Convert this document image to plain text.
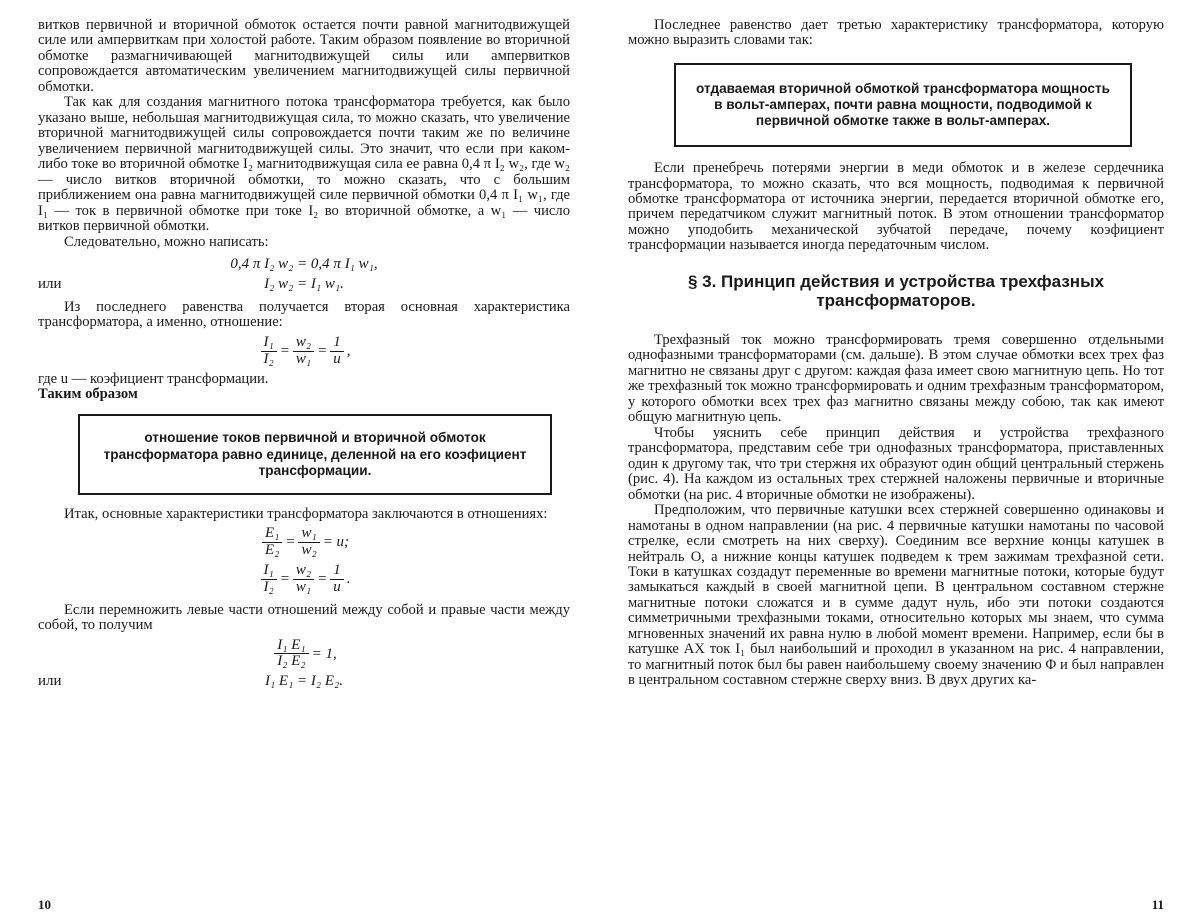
витков первичной и вторичной обмоток остается почти равной магнитодвижущей силе или ампервиткам при холостой работе. Таким образом появление во вторичной обмотке размагничивающей магнитодвижущей силы или ампервитков сопровождается автоматическим увеличением магнитодвижущей силы первичной обмотки.

Так как для создания магнитного потока трансформатора требуется, как было указано выше, небольшая магнитодвижущая сила, то можно сказать, что увеличение вторичной магнитодвижущей силы сопровождается почти таким же по величине увеличением первичной магнитодвижущей силы. Это значит, что если при каком-либо токе во вторичной обмотке I₂ магнитодвижущая сила ее равна 0,4 π I₂ w₂, где w₂ — число витков вторичной обмотки, то можно сказать, что с большим приближением она равна магнитодвижущей силе первичной обмотки 0,4 π I₁ w₁, где I₁ — ток в первичной обмотке при токе I₂ во вторичной обмотке, а w₁ — число витков первичной обмотки.

Следовательно, можно написать:

0,4 π I₂ w₂ = 0,4 π I₁ w₁,
или	I₂ w₂ = I₁ w₁.

Из последнего равенства получается вторая основная характеристика трансформатора, а именно, отношение:

$\frac{\text{I₁}}{\text{I₂}} = \frac{\text{w₂}}{\text{w₁}} = \frac{1}{u}$ ,

где u — коэфициент трансформации.

Таким образом

отношение токов первичной и вторичной обмоток трансформатора равно единице, деленной на его коэфициент трансформации.

Итак, основные характеристики трансформатора заключаются в отношениях:

$\frac{\text{E₁}}{\text{E₂}} = \frac{\text{w₁}}{\text{w₂}} = u$;
$\frac{\text{I₁}}{\text{I₂}} = \frac{\text{w₂}}{\text{w₁}} = \frac{1}{u}$ .

Если перемножить левые части отношений между собой и правые части между собой, то получим

$\frac{\text{I₁ E₁}}{\text{I₂ E₂}} = 1$,
или	I₁ E₁ = I₂ E₂.
10

Последнее равенство дает третью характеристику трансформатора, которую можно выразить словами так:

отдаваемая вторичной обмоткой трансформатора мощность в вольт-амперах, почти равна мощности, подводимой к первичной обмотке также в вольт-амперах.

Если пренебречь потерями энергии в меди обмоток и в железе сердечника трансформатора, то можно сказать, что вся мощность, подводимая к первичной обмотке трансформатора от источника энергии, передается вторичной обмотке его, причем передатчиком служит магнитный поток. В этом отношении трансформатор можно уподобить механической зубчатой передаче, почему коэфициент трансформации называется иногда передаточным числом.

§ 3. Принцип действия и устройства трехфазных трансформаторов.

Трехфазный ток можно трансформировать тремя совершенно отдельными однофазными трансформаторами (см. дальше). В этом случае обмотки всех трех фаз магнитно не связаны друг с другом: каждая фаза имеет свою магнитную цепь. Но тот же трехфазный ток можно трансформировать и одним трехфазным трансформатором, у которого обмотки всех трех фаз магнитно связаны между собою, так как имеют общую магнитную цепь.

Чтобы уяснить себе принцип действия и устройства трехфазного трансформатора, представим себе три однофазных трансформатора, приставленных один к другому так, что три стержня их образуют один общий центральный стержень (рис. 4). На каждом из остальных трех стержней наложены первичные и вторичные обмотки (на рис. 4 вторичные обмотки не изображены).

Предположим, что первичные катушки всех стержней совершенно одинаковы и намотаны в одном направлении (на рис. 4 первичные катушки намотаны по часовой стрелке, если смотреть на них сверху). Соединим все верхние концы катушек в нейтраль O, а нижние концы катушек подведем к трем зажимам трехфазной сети. Токи в катушках создадут переменные во времени магнитные потоки, которые будут замыкаться каждый в своей магнитной цепи. В центральном составном стержне магнитные потоки сложатся и в сумме дадут нуль, ибо эти потоки создаются симметричными трехфазными токами, относительно которых мы знаем, что сумма мгновенных значений их равна нулю в любой момент времени. Например, если бы в катушке AX ток I₁ был наибольший и проходил в указанном на рис. 4 направлении, то магнитный поток был бы равен наибольшему своему значению Φ и был направлен в центральном составном стержне сверху вниз. В двух других ка-

11
